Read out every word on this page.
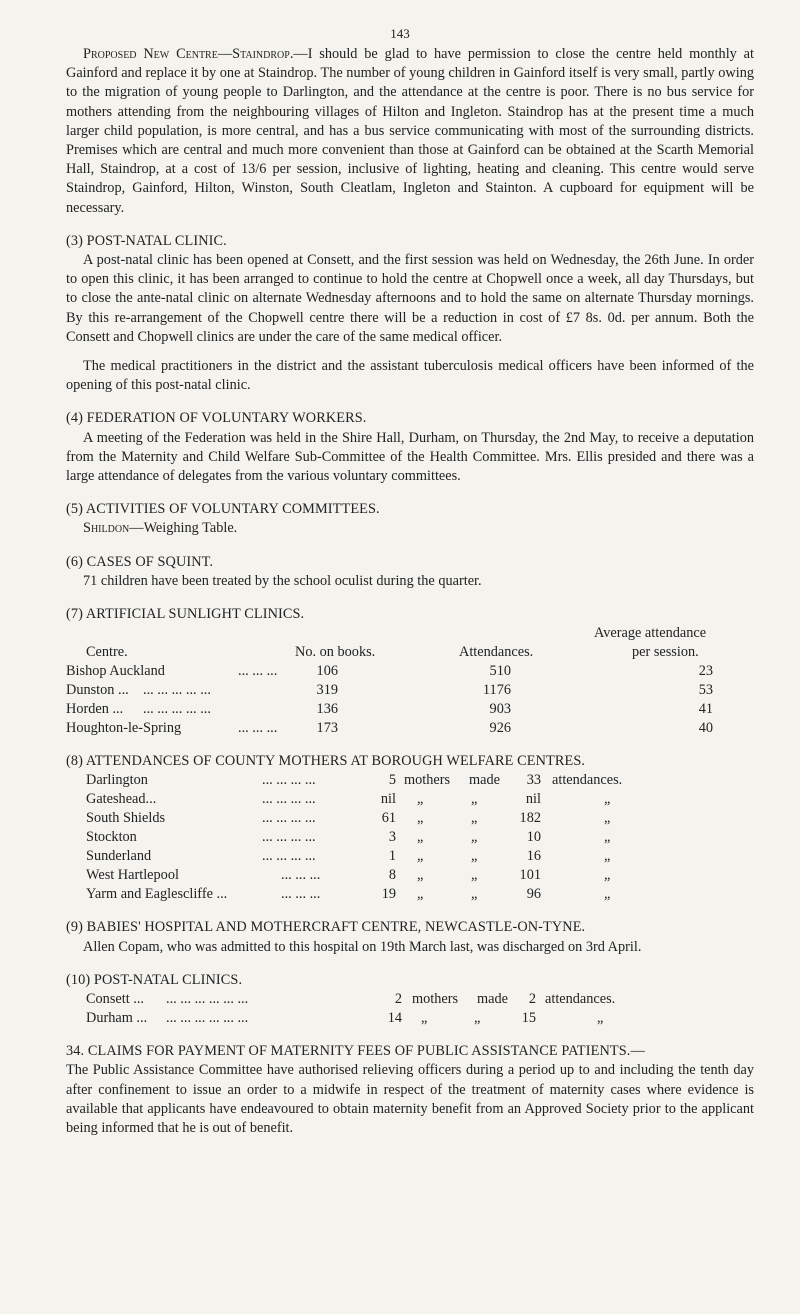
143

Proposed New Centre—Staindrop.—I should be glad to have permission to close the centre held monthly at Gainford and replace it by one at Staindrop. The number of young children in Gainford itself is very small, partly owing to the migration of young people to Darlington, and the attendance at the centre is poor. There is no bus service for mothers attending from the neighbouring villages of Hilton and Ingleton. Staindrop has at the present time a much larger child population, is more central, and has a bus service communicating with most of the surrounding districts. Premises which are central and much more convenient than those at Gainford can be obtained at the Scarth Memorial Hall, Staindrop, at a cost of 13/6 per session, inclusive of lighting, heating and cleaning. This centre would serve Staindrop, Gainford, Hilton, Winston, South Cleatlam, Ingleton and Stainton. A cupboard for equipment will be necessary.

(3) POST-NATAL CLINIC.

A post-natal clinic has been opened at Consett, and the first session was held on Wednesday, the 26th June. In order to open this clinic, it has been arranged to continue to hold the centre at Chopwell once a week, all day Thursdays, but to close the ante-natal clinic on alternate Wednesday afternoons and to hold the same on alternate Thursday mornings. By this re-arrangement of the Chopwell centre there will be a reduction in cost of £7 8s. 0d. per annum. Both the Consett and Chopwell clinics are under the care of the same medical officer.

The medical practitioners in the district and the assistant tuberculosis medical officers have been informed of the opening of this post-natal clinic.

(4) FEDERATION OF VOLUNTARY WORKERS.

A meeting of the Federation was held in the Shire Hall, Durham, on Thursday, the 2nd May, to receive a deputation from the Maternity and Child Welfare Sub-Committee of the Health Committee. Mrs. Ellis presided and there was a large attendance of delegates from the various voluntary committees.

(5) ACTIVITIES OF VOLUNTARY COMMITTEES.

Shildon—Weighing Table.

(6) CASES OF SQUINT.

71 children have been treated by the school oculist during the quarter.

(7) ARTIFICIAL SUNLIGHT CLINICS.

Average attendance
Centre.	No. on books.	Attendances.	per session.
Bishop Auckland	... ... ...	106	510	23
Dunston ... ... ... ... ... ...	319	1176	53
Horden ... ... ... ... ... ...	136	903	41
Houghton-le-Spring	... ... ...	173	926	40

(8) ATTENDANCES OF COUNTY MOTHERS AT BOROUGH WELFARE CENTRES.

Darlington	... ... ... ...	5 mothers made	33 attendances.
Gateshead...	... ... ... ...	nil „	„	nil	„
South Shields	... ... ... ...	61 „	„	182	„
Stockton	... ... ... ...	3 „	„	10	„
Sunderland	... ... ... ...	1 „	„	16	„
West Hartlepool	... ... ...	8 „	„	101	„
Yarm and Eaglescliffe ...	... ... ...	19 „	„	96	„

(9) BABIES' HOSPITAL AND MOTHERCRAFT CENTRE, NEWCASTLE-ON-TYNE.

Allen Copam, who was admitted to this hospital on 19th March last, was discharged on 3rd April.

(10) POST-NATAL CLINICS.

Consett ... ... ... ... ... ... ...	2 mothers made	2 attendances.
Durham ... ... ... ... ... ... ...	14 „	„	15	„

34. CLAIMS FOR PAYMENT OF MATERNITY FEES OF PUBLIC ASSISTANCE PATIENTS.—

The Public Assistance Committee have authorised relieving officers during a period up to and including the tenth day after confinement to issue an order to a midwife in respect of the treatment of maternity cases where evidence is available that applicants have endeavoured to obtain maternity benefit from an Approved Society prior to the applicant being informed that he is out of benefit.
